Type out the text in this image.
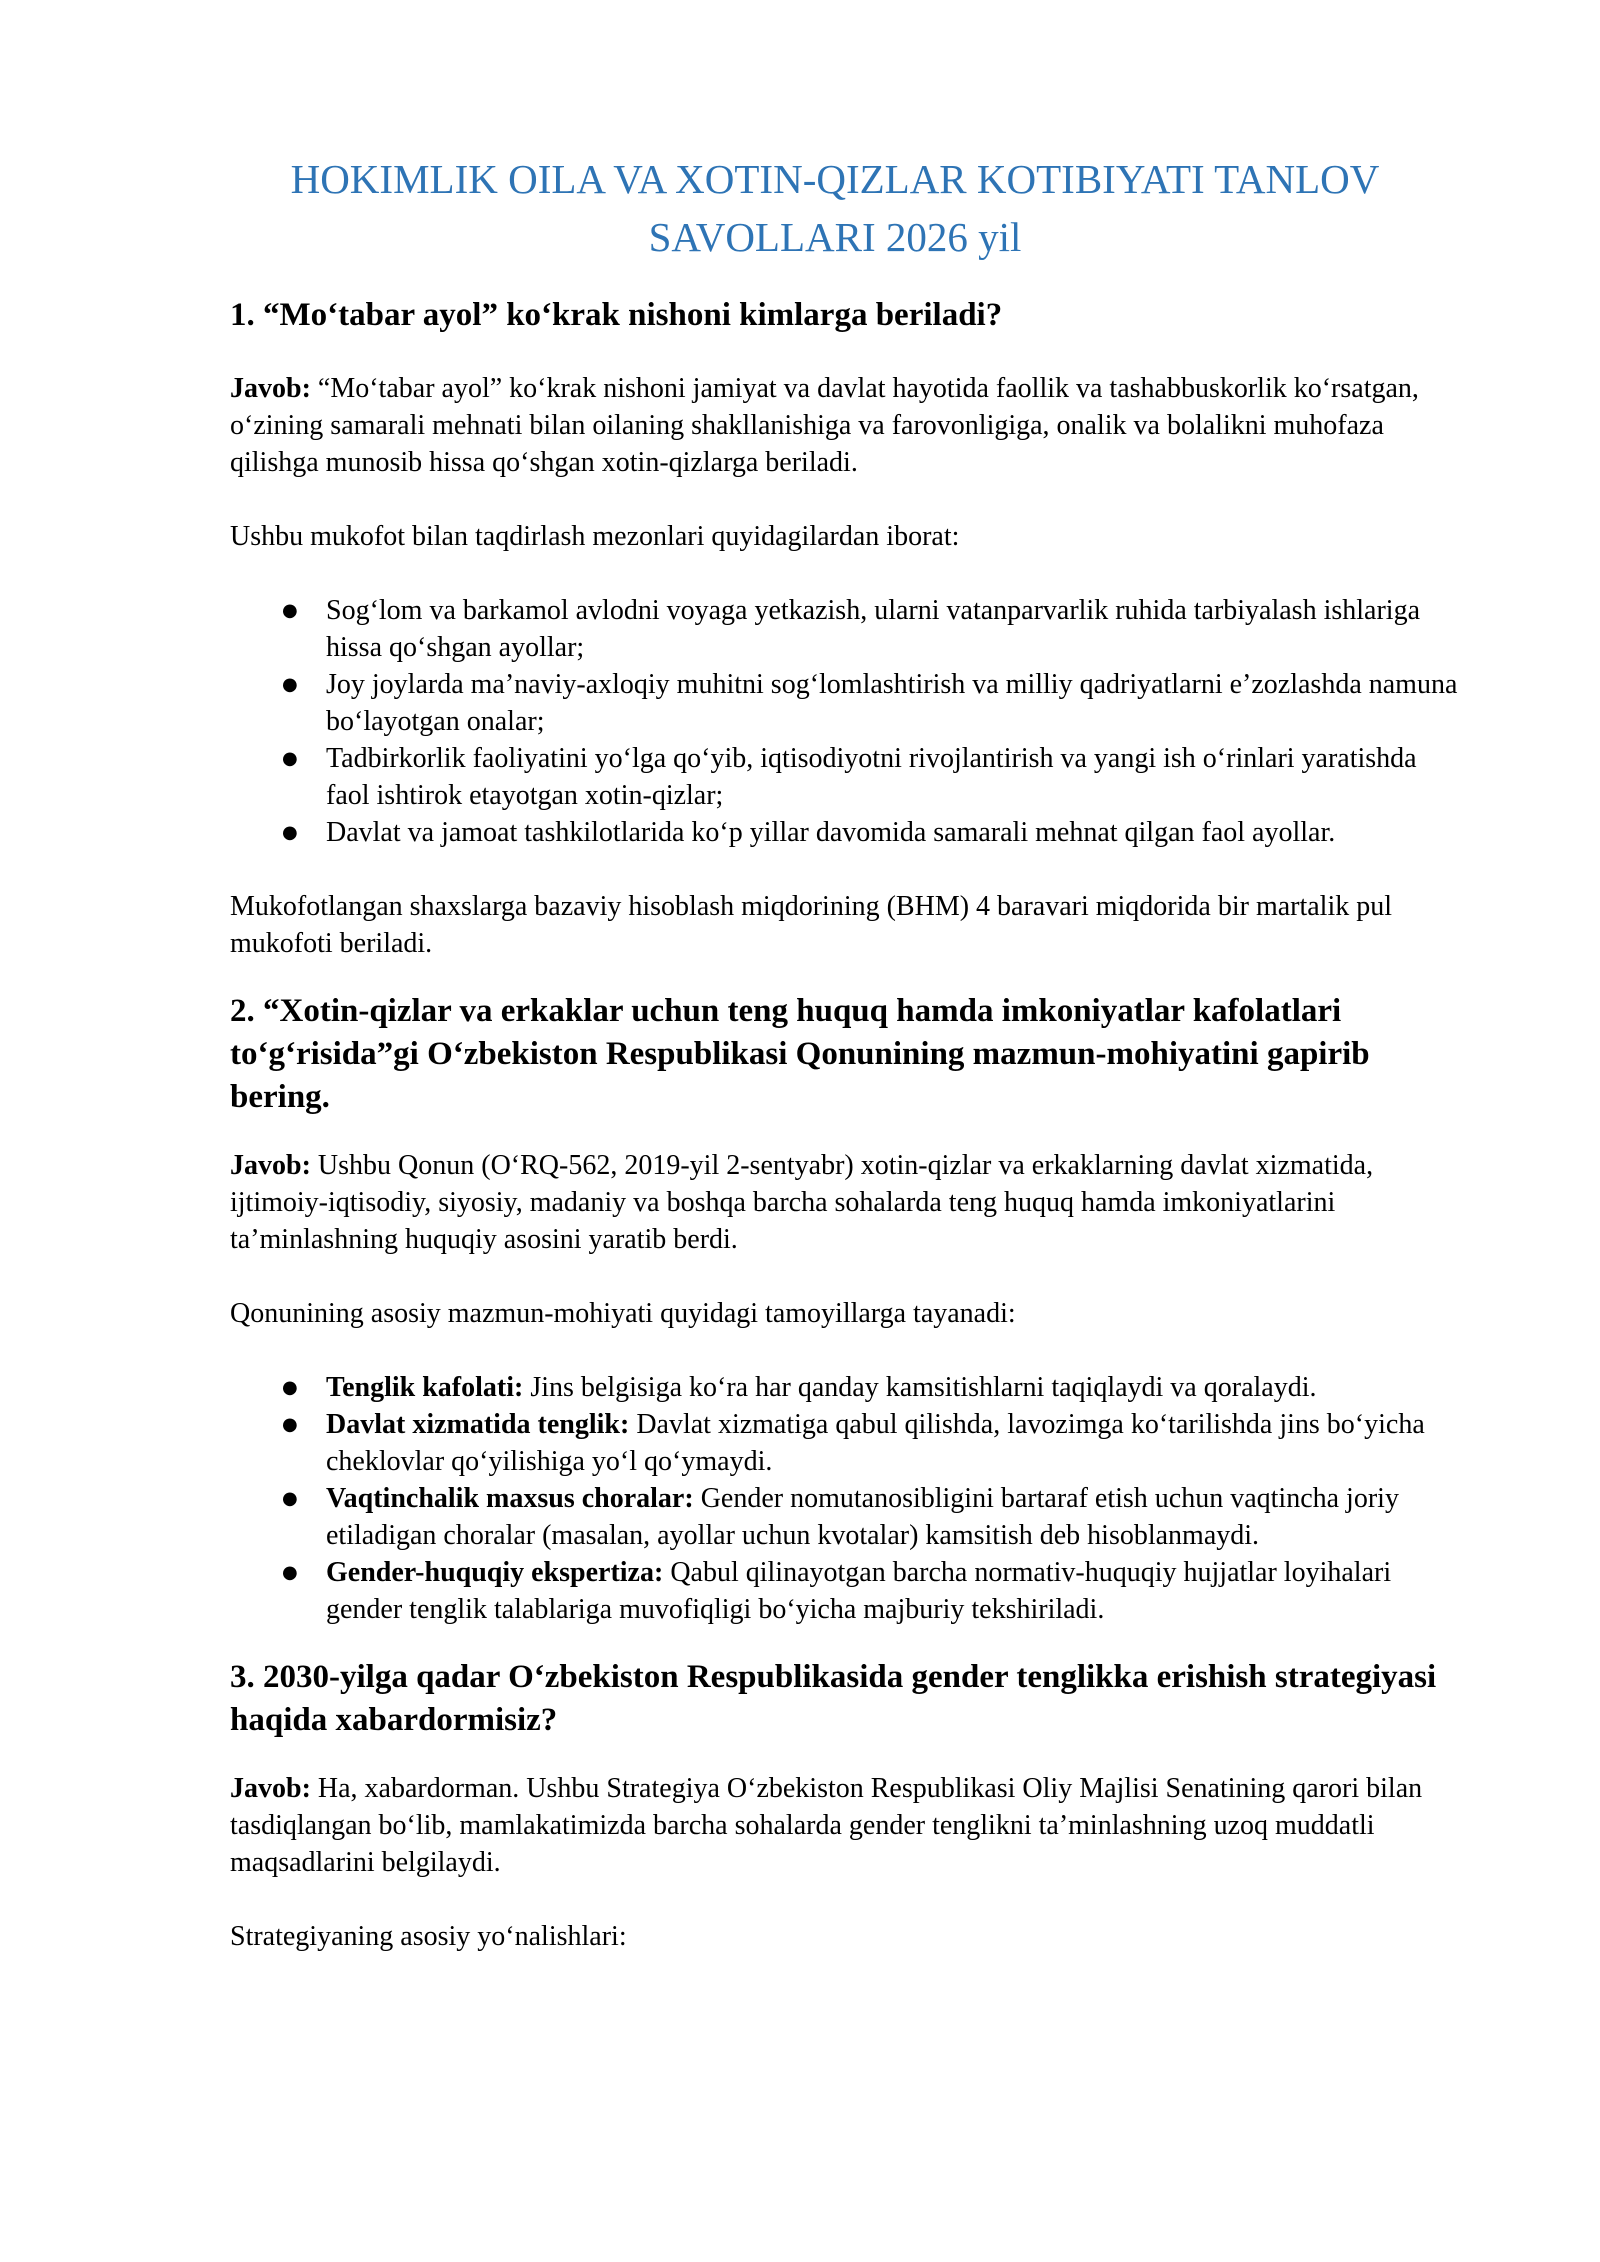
HOKIMLIK OILA VA XOTIN-QIZLAR KOTIBIYATI TANLOV
SAVOLLARI 2026 yil
1. “Mo‘tabar ayol” ko‘krak nishoni kimlarga beriladi?

Javob: “Mo‘tabar ayol” ko‘krak nishoni jamiyat va davlat hayotida faollik va tashabbuskorlik ko‘rsatgan, o‘zining samarali mehnati bilan oilaning shakllanishiga va farovonligiga, onalik va bolalikni muhofaza qilishga munosib hissa qo‘shgan xotin-qizlarga beriladi.

Ushbu mukofot bilan taqdirlash mezonlari quyidagilardan iborat:

● Sog‘lom va barkamol avlodni voyaga yetkazish, ularni vatanparvarlik ruhida tarbiyalash ishlariga hissa qo‘shgan ayollar;
● Joy joylarda ma’naviy-axloqiy muhitni sog‘lomlashtirish va milliy qadriyatlarni e’zozlashda namuna bo‘layotgan onalar;
● Tadbirkorlik faoliyatini yo‘lga qo‘yib, iqtisodiyotni rivojlantirish va yangi ish o‘rinlari yaratishda faol ishtirok etayotgan xotin-qizlar;
● Davlat va jamoat tashkilotlarida ko‘p yillar davomida samarali mehnat qilgan faol ayollar.

Mukofotlangan shaxslarga bazaviy hisoblash miqdorining (BHM) 4 baravari miqdorida bir martalik pul mukofoti beriladi.

2. “Xotin-qizlar va erkaklar uchun teng huquq hamda imkoniyatlar kafolatlari to‘g‘risida”gi O‘zbekiston Respublikasi Qonunining mazmun-mohiyatini gapirib bering.

Javob: Ushbu Qonun (O‘RQ-562, 2019-yil 2-sentyabr) xotin-qizlar va erkaklarning davlat xizmatida, ijtimoiy-iqtisodiy, siyosiy, madaniy va boshqa barcha sohalarda teng huquq hamda imkoniyatlarini ta’minlashning huquqiy asosini yaratib berdi.

Qonunining asosiy mazmun-mohiyati quyidagi tamoyillarga tayanadi:

● Tenglik kafolati: Jins belgisiga ko‘ra har qanday kamsitishlarni taqiqlaydi va qoralaydi.
● Davlat xizmatida tenglik: Davlat xizmatiga qabul qilishda, lavozimga ko‘tarilishda jins bo‘yicha cheklovlar qo‘yilishiga yo‘l qo‘ymaydi.
● Vaqtinchalik maxsus choralar: Gender nomutanosibligini bartaraf etish uchun vaqtincha joriy etiladigan choralar (masalan, ayollar uchun kvotalar) kamsitish deb hisoblanmaydi.
● Gender-huquqiy ekspertiza: Qabul qilinayotgan barcha normativ-huquqiy hujjatlar loyihalari gender tenglik talablariga muvofiqligi bo‘yicha majburiy tekshiriladi.
3. 2030-yilga qadar O‘zbekiston Respublikasida gender tenglikka erishish strategiyasi haqida xabardormisiz?

Javob: Ha, xabardorman. Ushbu Strategiya O‘zbekiston Respublikasi Oliy Majlisi Senatining qarori bilan tasdiqlangan bo‘lib, mamlakatimizda barcha sohalarda gender tenglikni ta’minlashning uzoq muddatli maqsadlarini belgilaydi.

Strategiyaning asosiy yo‘nalishlari:
